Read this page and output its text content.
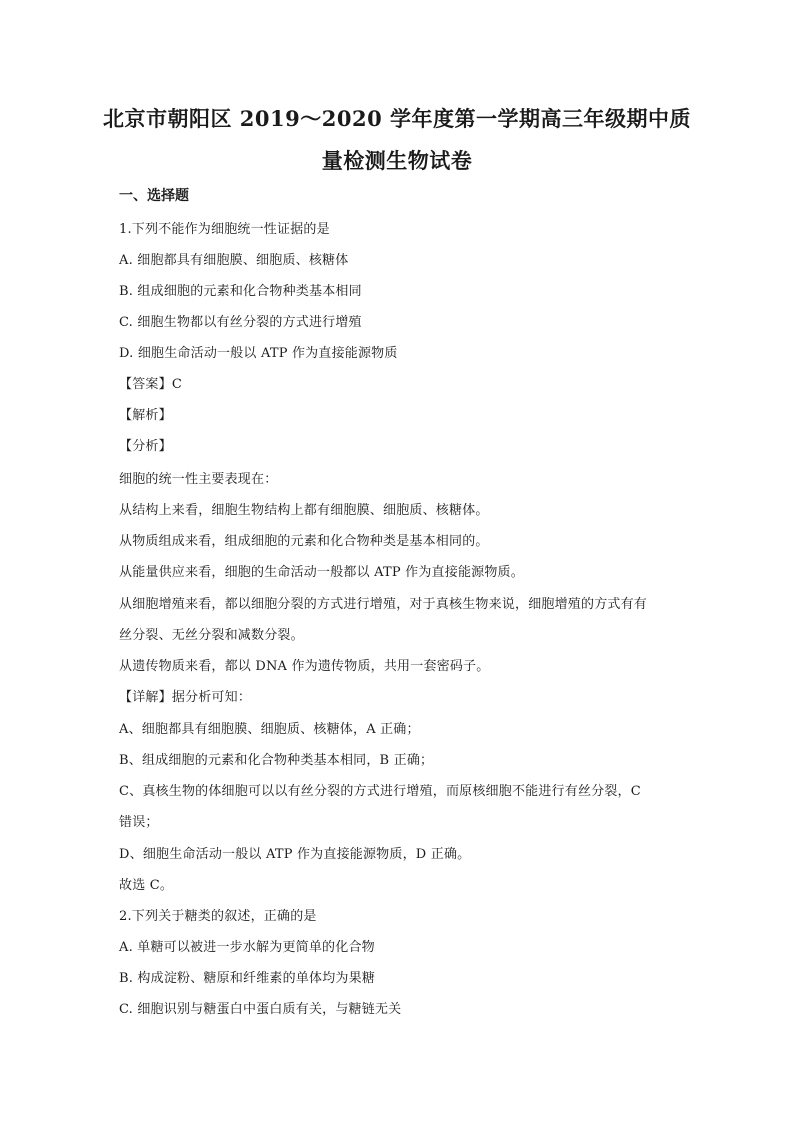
北京市朝阳区 2019～2020 学年度第一学期高三年级期中质
量检测生物试卷
一、选择题
1.下列不能作为细胞统一性证据的是
A. 细胞都具有细胞膜、细胞质、核糖体
B. 组成细胞的元素和化合物种类基本相同
C. 细胞生物都以有丝分裂的方式进行增殖
D. 细胞生命活动一般以 ATP 作为直接能源物质
【答案】C
【解析】
【分析】
细胞的统一性主要表现在：
从结构上来看，细胞生物结构上都有细胞膜、细胞质、核糖体。
从物质组成来看，组成细胞的元素和化合物种类是基本相同的。
从能量供应来看，细胞的生命活动一般都以 ATP 作为直接能源物质。
从细胞增殖来看，都以细胞分裂的方式进行增殖，对于真核生物来说，细胞增殖的方式有有
丝分裂、无丝分裂和减数分裂。
从遗传物质来看，都以 DNA 作为遗传物质，共用一套密码子。
【详解】据分析可知：
A、细胞都具有细胞膜、细胞质、核糖体，A 正确；
B、组成细胞的元素和化合物种类基本相同，B 正确；
C、真核生物的体细胞可以以有丝分裂的方式进行增殖，而原核细胞不能进行有丝分裂，C
错误；
D、细胞生命活动一般以 ATP 作为直接能源物质，D 正确。
故选 C。
2.下列关于糖类的叙述，正确的是
A. 单糖可以被进一步水解为更简单的化合物
B. 构成淀粉、糖原和纤维素的单体均为果糖
C. 细胞识别与糖蛋白中蛋白质有关，与糖链无关
